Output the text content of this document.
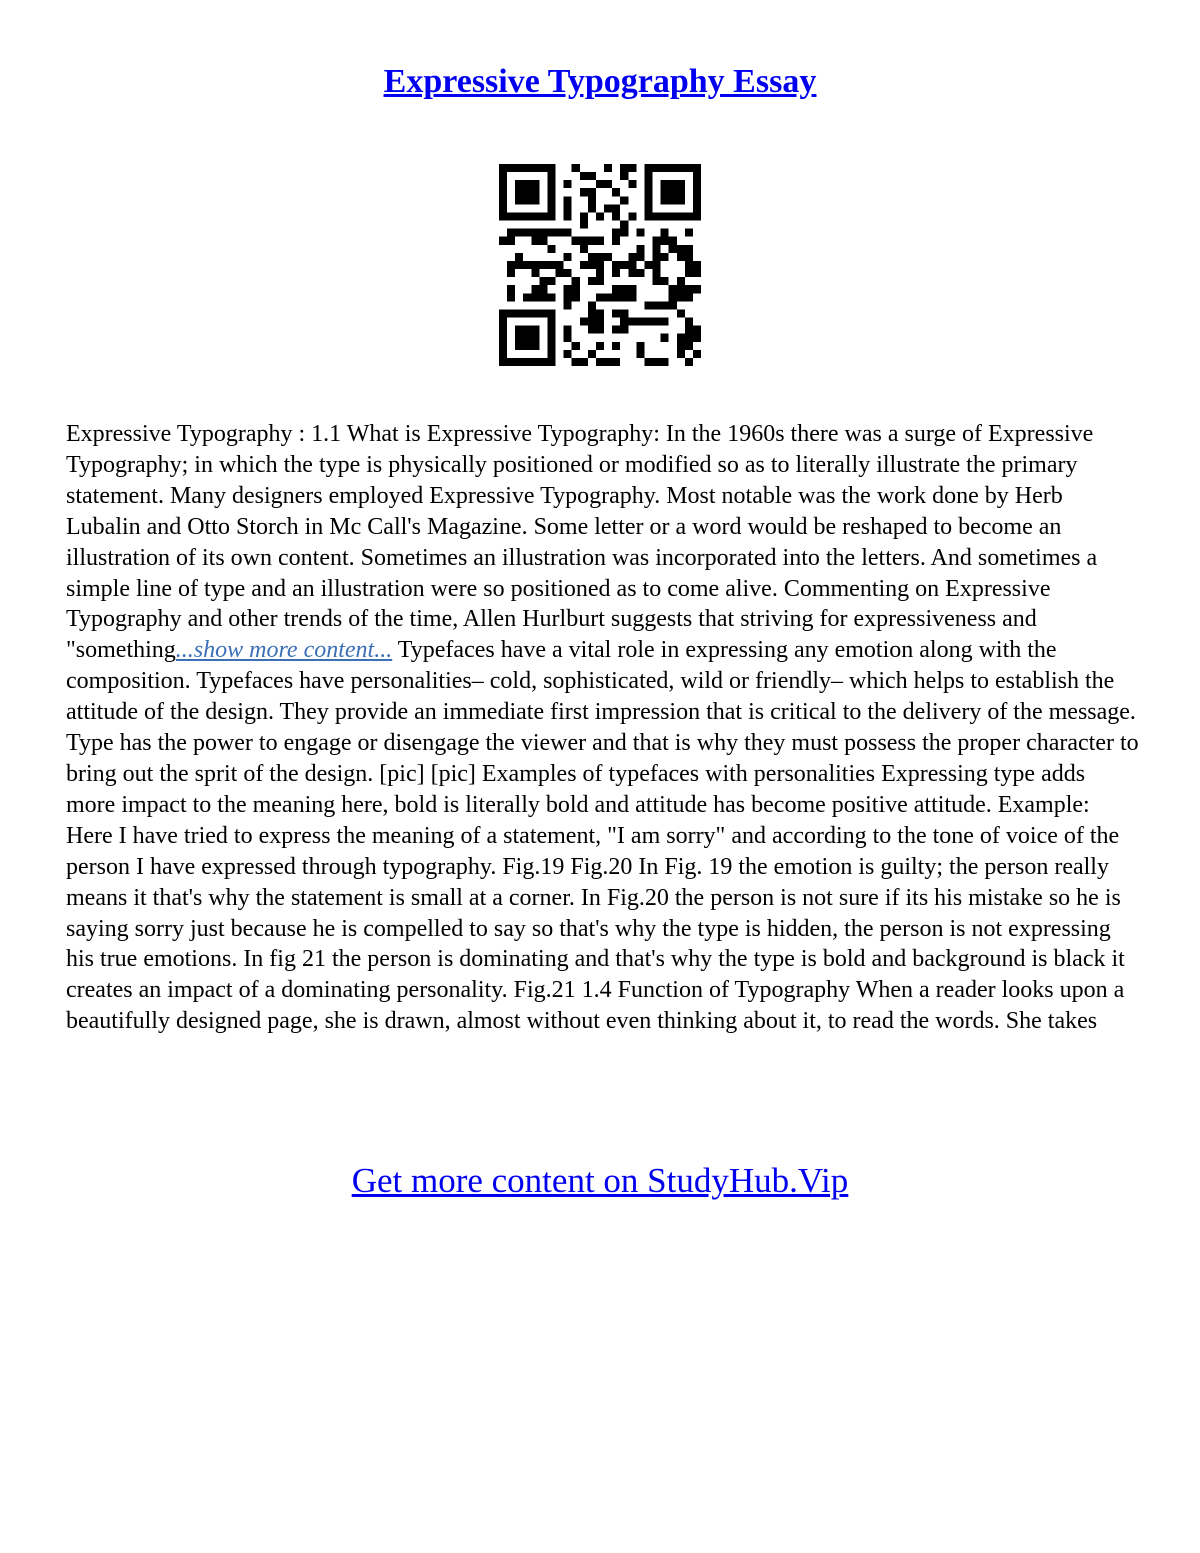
Expressive Typography Essay

Expressive Typography : 1.1 What is Expressive Typography: In the 1960s there was a surge of Expressive Typography; in which the type is physically positioned or modified so as to literally illustrate the primary statement. Many designers employed Expressive Typography. Most notable was the work done by Herb Lubalin and Otto Storch in Mc Call's Magazine. Some letter or a word would be reshaped to become an illustration of its own content. Sometimes an illustration was incorporated into the letters. And sometimes a simple line of type and an illustration were so positioned as to come alive. Commenting on Expressive Typography and other trends of the time, Allen Hurlburt suggests that striving for expressiveness and "something...show more content... Typefaces have a vital role in expressing any emotion along with the composition. Typefaces have personalities– cold, sophisticated, wild or friendly– which helps to establish the attitude of the design. They provide an immediate first impression that is critical to the delivery of the message. Type has the power to engage or disengage the viewer and that is why they must possess the proper character to bring out the sprit of the design. [pic] [pic] Examples of typefaces with personalities Expressing type adds more impact to the meaning here, bold is literally bold and attitude has become positive attitude. Example: Here I have tried to express the meaning of a statement, "I am sorry" and according to the tone of voice of the person I have expressed through typography. Fig.19 Fig.20 In Fig. 19 the emotion is guilty; the person really means it that's why the statement is small at a corner. In Fig.20 the person is not sure if its his mistake so he is saying sorry just because he is compelled to say so that's why the type is hidden, the person is not expressing his true emotions. In fig 21 the person is dominating and that's why the type is bold and background is black it creates an impact of a dominating personality. Fig.21 1.4 Function of Typography When a reader looks upon a beautifully designed page, she is drawn, almost without even thinking about it, to read the words. She takes

Get more content on StudyHub.Vip
